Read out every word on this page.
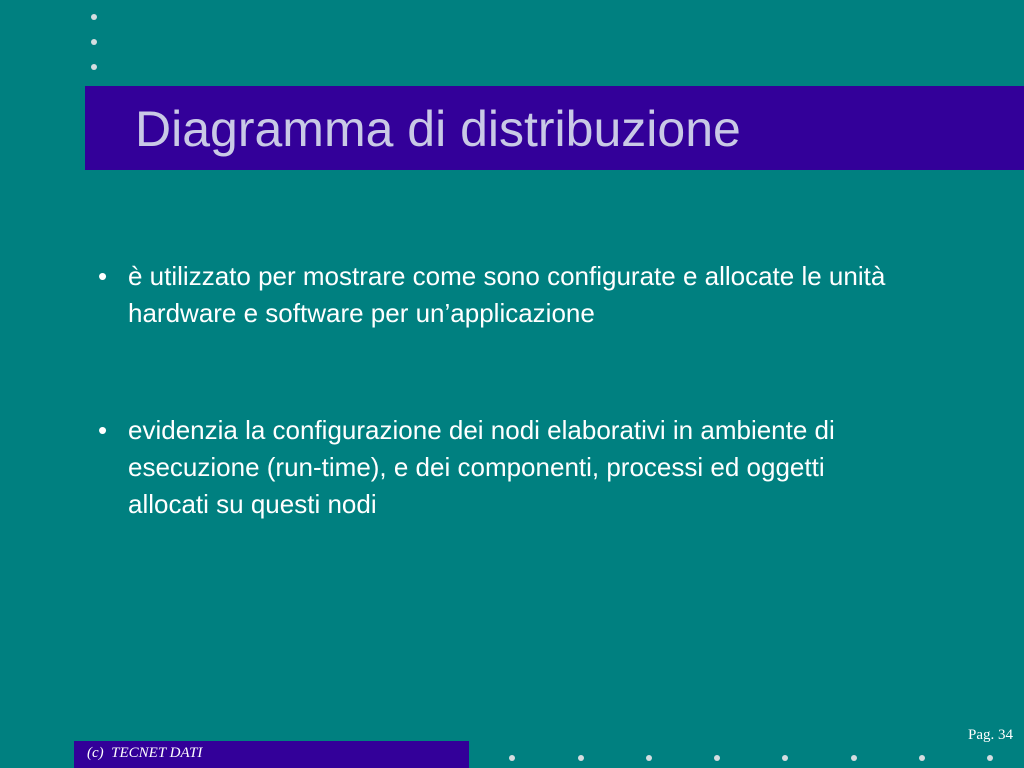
Diagramma di distribuzione
• è utilizzato per mostrare come sono configurate e allocate le unità hardware e software per un’applicazione
• evidenzia la configurazione dei nodi elaborativi in ambiente di esecuzione (run-time), e dei componenti, processi ed oggetti allocati su questi nodi
Pag. 34
(c)  TECNET DATI
